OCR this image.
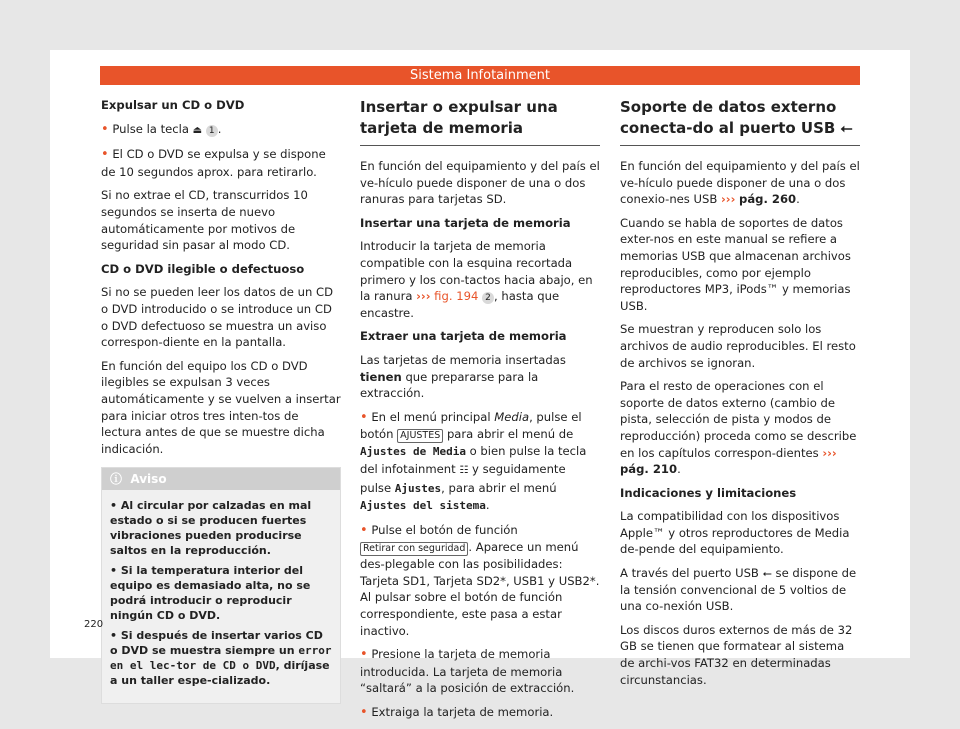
Sistema Infotainment

Expulsar un CD o DVD

• Pulse la tecla ⏏ 1 .

• El CD o DVD se expulsa y se dispone de 10 segundos aprox. para retirarlo.

Si no extrae el CD, transcurridos 10 segundos se inserta de nuevo automáticamente por motivos de seguridad sin pasar al modo CD.

CD o DVD ilegible o defectuoso

Si no se pueden leer los datos de un CD o DVD introducido o se introduce un CD o DVD defectuoso se muestra un aviso correspon-diente en la pantalla.

En función del equipo los CD o DVD ilegibles se expulsan 3 veces automáticamente y se vuelven a insertar para iniciar otros tres inten-tos de lectura antes de que se muestre dicha indicación.

ⓘ Aviso

• Al circular por calzadas en mal estado o si se producen fuertes vibraciones pueden producirse saltos en la reproducción.

• Si la temperatura interior del equipo es demasiado alta, no se podrá introducir o reproducir ningún CD o DVD.

• Si después de insertar varios CD o DVD se muestra siempre un error en el lec-tor de CD o DVD, diríjase a un taller espe-cializado.

Insertar o expulsar una tarjeta de memoria

En función del equipamiento y del país el ve-hículo puede disponer de una o dos ranuras para tarjetas SD.

Insertar una tarjeta de memoria

Introducir la tarjeta de memoria compatible con la esquina recortada primero y los con-tactos hacia abajo, en la ranura ››› fig. 194 2 , hasta que encastre.

Extraer una tarjeta de memoria

Las tarjetas de memoria insertadas tienen que prepararse para la extracción.

• En el menú principal Media, pulse el botón AJUSTES para abrir el menú de Ajustes de Media o bien pulse la tecla del infotainment ☷ y seguidamente pulse Ajustes, para abrir el menú Ajustes del sistema.

• Pulse el botón de función Retirar con seguridad . Aparece un menú des-plegable con las posibilidades: Tarjeta SD1, Tarjeta SD2*, USB1 y USB2*. Al pulsar sobre el botón de función correspondiente, este pasa a estar inactivo.

• Presione la tarjeta de memoria introducida. La tarjeta de memoria “saltará” a la posición de extracción.

• Extraiga la tarjeta de memoria.

Soporte de datos externo conecta-do al puerto USB ⭠

En función del equipamiento y del país el ve-hículo puede disponer de una o dos conexio-nes USB ››› pág. 260.

Cuando se habla de soportes de datos exter-nos en este manual se refiere a memorias USB que almacenan archivos reproducibles, como por ejemplo reproductores MP3, iPods™ y memorias USB.

Se muestran y reproducen solo los archivos de audio reproducibles. El resto de archivos se ignoran.

Para el resto de operaciones con el soporte de datos externo (cambio de pista, selección de pista y modos de reproducción) proceda como se describe en los capítulos correspon-dientes ››› pág. 210.

Indicaciones y limitaciones

La compatibilidad con los dispositivos Apple™ y otros reproductores de Media de-pende del equipamiento.

A través del puerto USB ⭠ se dispone de la tensión convencional de 5 voltios de una co-nexión USB.

Los discos duros externos de más de 32 GB se tienen que formatear al sistema de archi-vos FAT32 en determinadas circunstancias.

220
